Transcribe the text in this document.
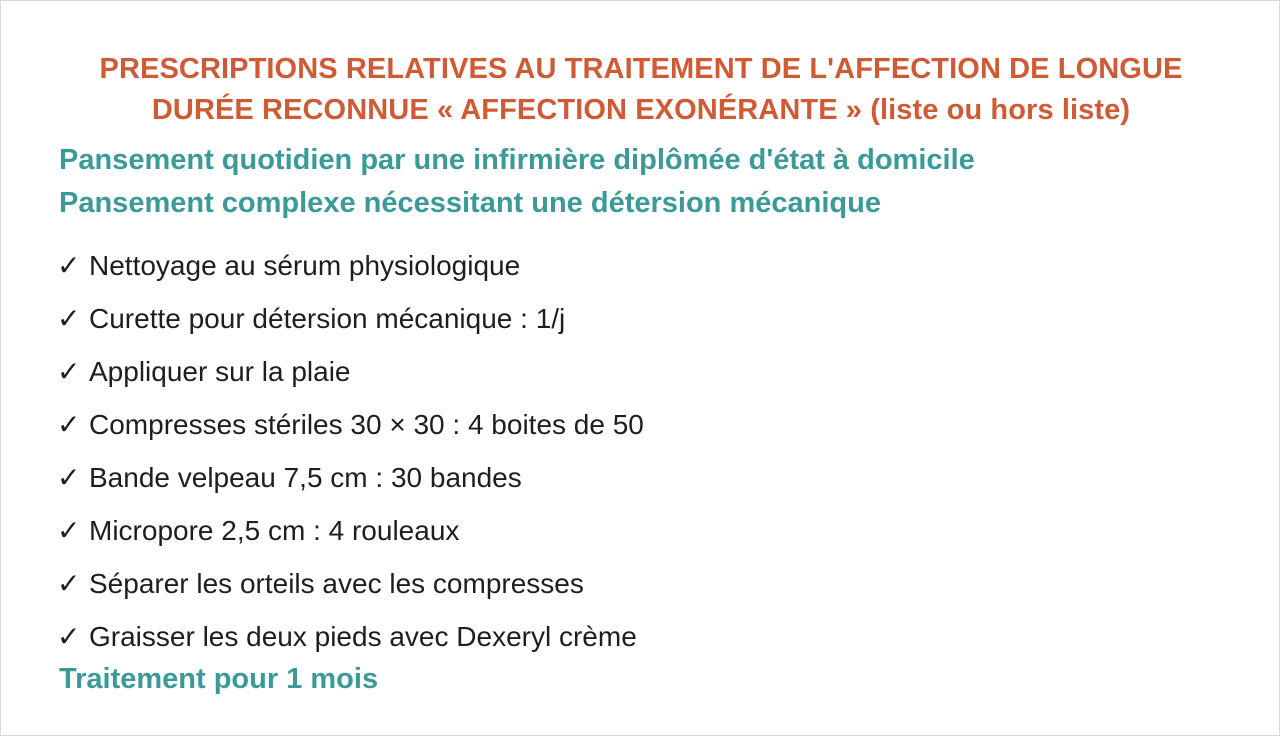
PRESCRIPTIONS RELATIVES AU TRAITEMENT DE L'AFFECTION DE LONGUE
DURÉE RECONNUE « AFFECTION EXONÉRANTE » (liste ou hors liste)
Pansement quotidien par une infirmière diplômée d'état à domicile
Pansement complexe nécessitant une détersion mécanique
✓ Nettoyage au sérum physiologique
✓ Curette pour détersion mécanique : 1/j
✓ Appliquer sur la plaie
✓ Compresses stériles 30 × 30 : 4 boites de 50
✓ Bande velpeau 7,5 cm : 30 bandes
✓ Micropore 2,5 cm : 4 rouleaux
✓ Séparer les orteils avec les compresses
✓ Graisser les deux pieds avec Dexeryl crème
Traitement pour 1 mois
